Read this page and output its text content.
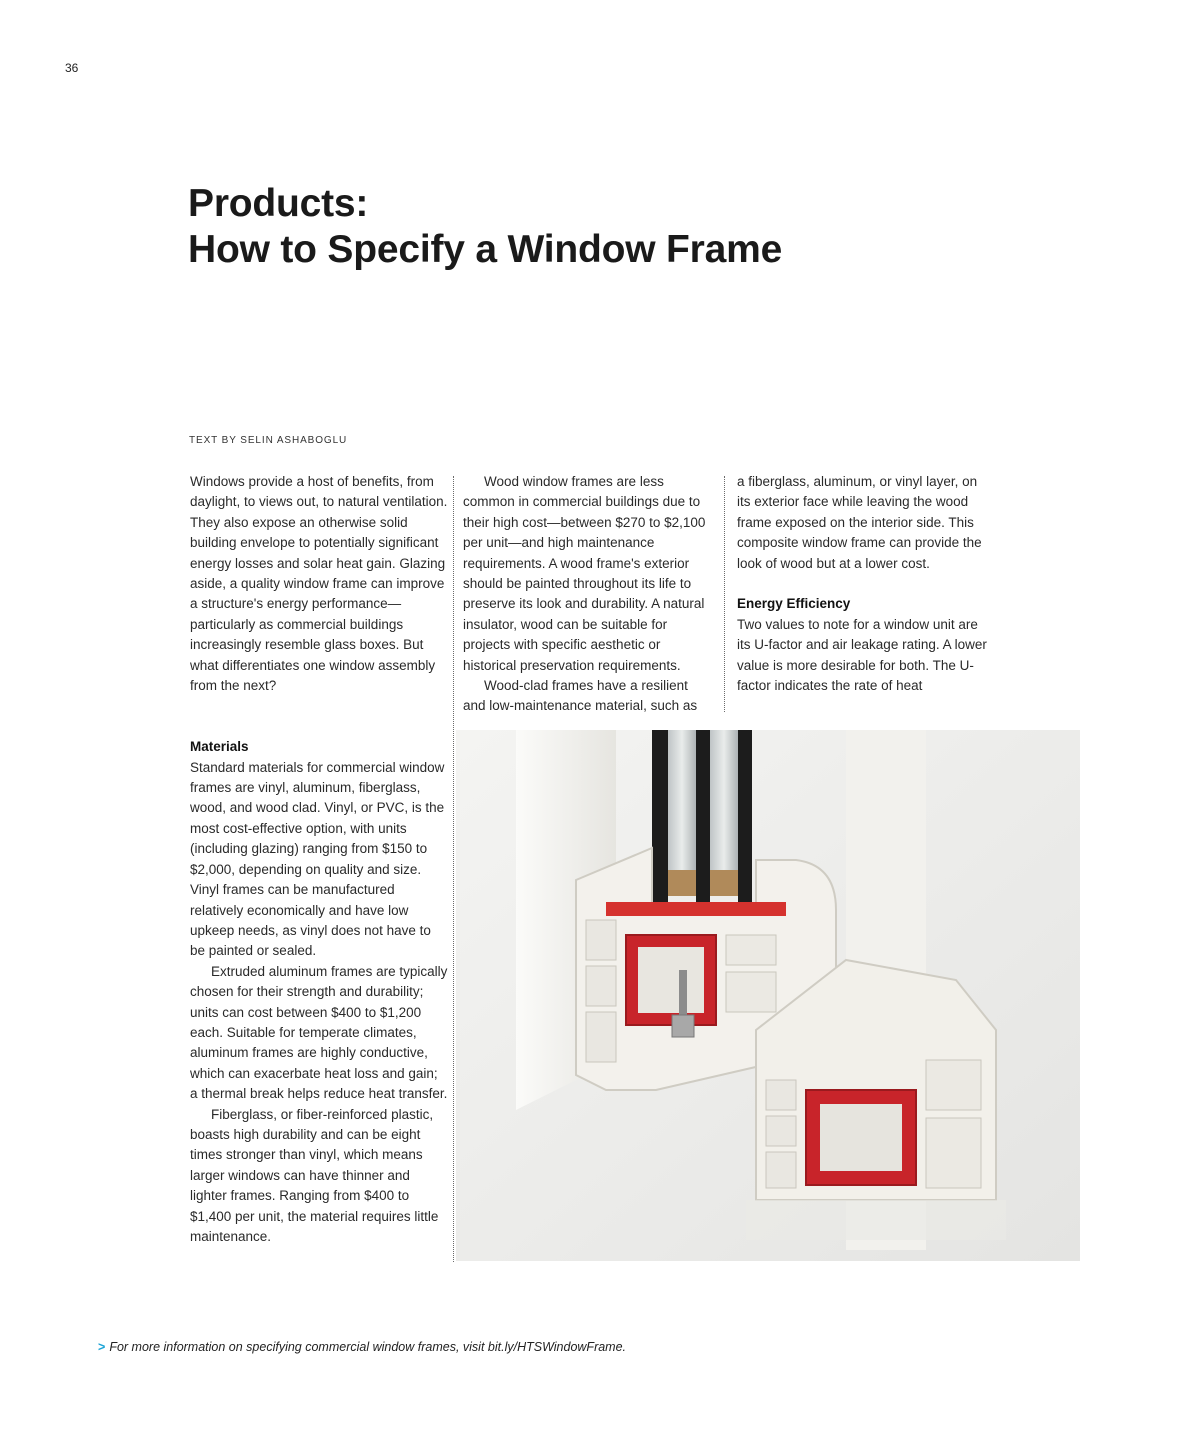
36
Products:
How to Specify a Window Frame
TEXT BY SELIN ASHABOGLU

Windows provide a host of benefits, from daylight, to views out, to natural ventilation. They also expose an otherwise solid building envelope to potentially significant energy losses and solar heat gain. Glazing aside, a quality window frame can improve a structure's energy performance—particularly as commercial buildings increasingly resemble glass boxes. But what differentiates one window assembly from the next?

Materials

Standard materials for commercial window frames are vinyl, aluminum, fiberglass, wood, and wood clad. Vinyl, or PVC, is the most cost-effective option, with units (including glazing) ranging from $150 to $2,000, depending on quality and size. Vinyl frames can be manufactured relatively economically and have low upkeep needs, as vinyl does not have to be painted or sealed.

Extruded aluminum frames are typically chosen for their strength and durability; units can cost between $400 to $1,200 each. Suitable for temperate climates, aluminum frames are highly conductive, which can exacerbate heat loss and gain; a thermal break helps reduce heat transfer.

Fiberglass, or fiber-reinforced plastic, boasts high durability and can be eight times stronger than vinyl, which means larger windows can have thinner and lighter frames. Ranging from $400 to $1,400 per unit, the material requires little maintenance.

Wood window frames are less common in commercial buildings due to their high cost—between $270 to $2,100 per unit—and high maintenance requirements. A wood frame's exterior should be painted throughout its life to preserve its look and durability. A natural insulator, wood can be suitable for projects with specific aesthetic or historical preservation requirements.

Wood-clad frames have a resilient and low-maintenance material, such as

a fiberglass, aluminum, or vinyl layer, on its exterior face while leaving the wood frame exposed on the interior side. This composite window frame can provide the look of wood but at a lower cost.

Energy Efficiency

Two values to note for a window unit are its U-factor and air leakage rating. A lower value is more desirable for both. The U-factor indicates the rate of heat

> For more information on specifying commercial window frames, visit bit.ly/HTSWindowFrame.
